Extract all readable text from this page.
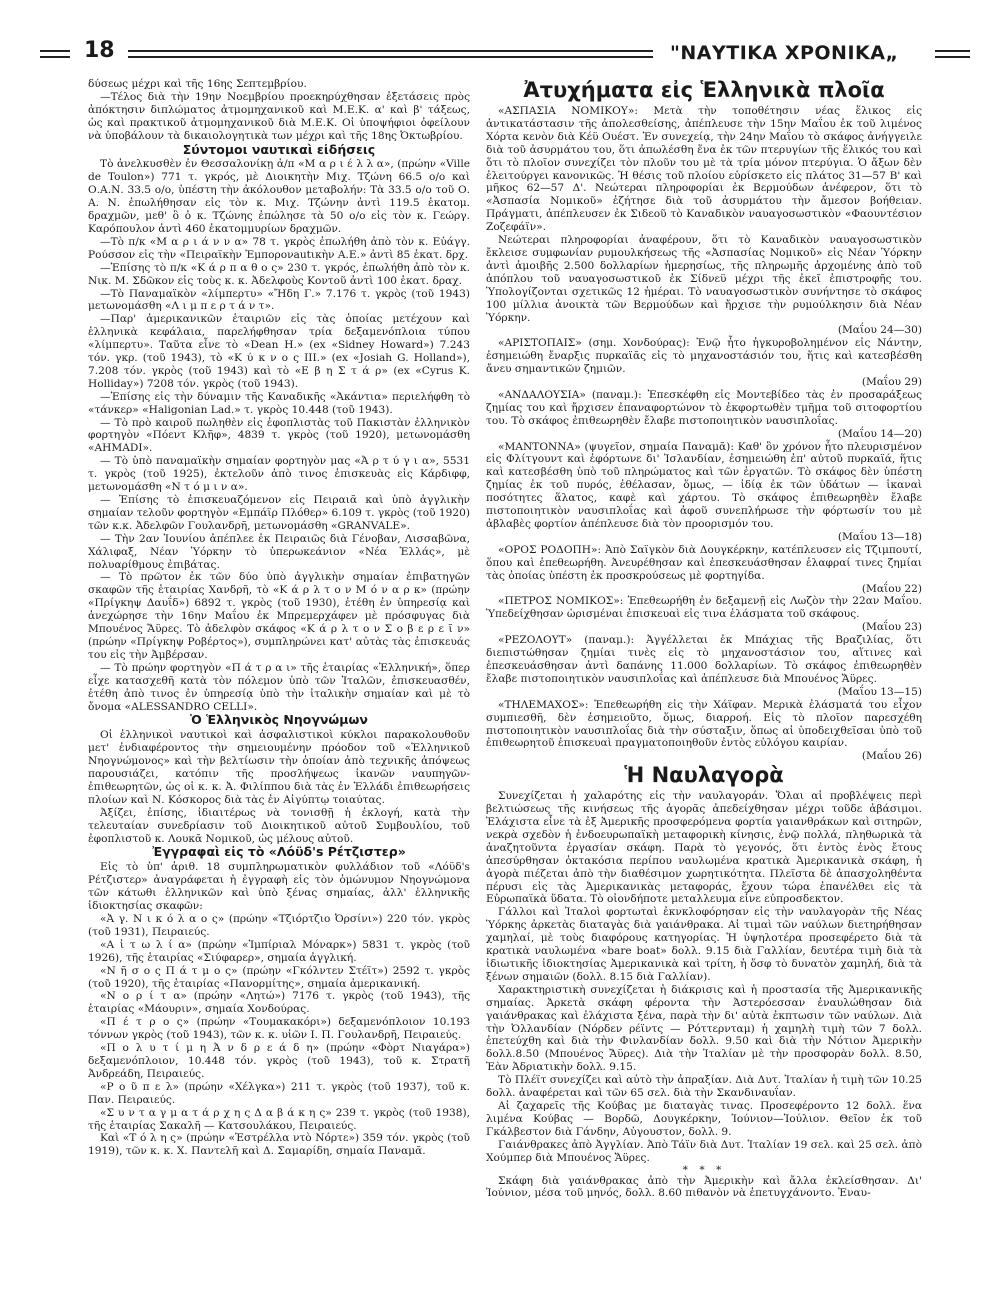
18	"ΝΑΥΤΙΚΑ ΧΡΟΝΙΚΑ„

δύσεως μέχρι καὶ τῆς 16ης Σεπτεμβρίου.

—Τέλος διὰ τὴν 19ην Νοεμβρίου προεκηρύχθησαν ἐξετάσεις πρὸς ἀπόκτησιν διπλώματος ἀτμομηχανικοῦ καὶ Μ.Ε.Κ. α' καὶ β' τάξεως, ὡς καὶ πρακτικοῦ ἀτμομηχανικοῦ διὰ Μ.Ε.Κ. Οἱ ὑποψήφιοι ὀφείλουν νὰ ὑποβάλουν τὰ δικαιολογητικὰ των μέχρι καὶ τῆς 18ης Ὀκτωβρίου.

Σύντομοι ναυτικαὶ εἰδήσεις

Τὸ ἀνελκυσθὲν ἐν Θεσσαλονίκῃ ἀ/π «Μ α ρ ι έ λ λ α», (πρώην «Ville de Toulon») 771 τ. γκρός, μὲ Διοικητὴν Μιχ. Τζώνη 66.5 ο/ο καὶ Ο.Α.Ν. 33.5 ο/ο, ὑπέστη τὴν ἀκόλουθον μεταβολήν: Τὰ 33.5 ο/ο τοῦ Ο. Α. Ν. ἐπωλήθησαν εἰς τὸν κ. Μιχ. Τζώνην ἀντὶ 119.5 ἑκατομ. δραχμῶν, μεθ' ὃ ὁ κ. Τζώνης ἐπώλησε τὰ 50 ο/ο εἰς τὸν κ. Γεώργ. Καρόπουλον ἀντὶ 460 ἑκατομμυρίων δραχμῶν.

—Τὸ π/κ «Μ α ρ ι ά ν ν α» 78 τ. γκρὸς ἐπωλήθη ἀπὸ τὸν κ. Εὐάγγ. Ρούσσον εἰς τὴν «Πειραϊκὴν Ἐμπορονautικὴν Α.Ε.» ἀντὶ 85 ἑκατ. δρχ.

—Ἐπίσης τὸ π/κ «Κ ά ρ π α θ ο ς» 230 τ. γκρός, ἐπωλήθη ἀπὸ τὸν κ. Νικ. Μ. Σδῶκον εἰς τοὺς κ. κ. Ἀδελφοὺς Κοντοῦ ἀντὶ 100 ἑκατ. δραχ.

—Τὸ Παναμαϊκὸν «λίμπερτυ» «Ἤδη Γ.» 7.176 τ. γκρὸς (τοῦ 1943) μετωνομάσθη «Λ ι μ π ε ρ τ ά ν τ».

—Παρ' ἀμερικανικῶν ἑταιριῶν εἰς τὰς ὁποίας μετέχουν καὶ ἑλληνικὰ κεφάλαια, παρελήφθησαν τρία δεξαμενόπλοια τύπου «λίμπερτυ». Ταῦτα εἶνε τὸ «Dean H.» (ex «Sidney Howard») 7.243 τόν. γκρ. (τοῦ 1943), τὸ «Κ ύ κ ν ο ς ΙΙΙ.» (ex «Josiah G. Holland»), 7.208 τόν. γκρὸς (τοῦ 1943) καὶ τὸ «Ε β η Σ τ ά ρ» (ex «Cyrus K. Holliday») 7208 τόν. γκρὸς (τοῦ 1943).

—Ἐπίσης εἰς τὴν δύναμιν τῆς Καναδικῆς «Ἀκάντια» περιελήφθη τὸ «τάνκερ» «Haligonian Lad.» τ. γκρὸς 10.448 (τοῦ 1943).

— Τὸ πρὸ καιροῦ πωληθὲν εἰς ἐφοπλιστὰς τοῦ Πακιστὰν ἑλληνικὸν φορτηγὸν «Πόεντ Κλῆφ», 4839 τ. γκρὸς (τοῦ 1920), μετωνομάσθη «AHMADI».

— Τὸ ὑπὸ παναμαϊκὴν σημαίαν φορτηγὸν μας «Ἀ ρ τ ύ γ ι α», 5531 τ. γκρὸς (τοῦ 1925), ἐκτελοῦν ἀπὸ τινος ἐπισκευὰς εἰς Κάρδιφφ, μετωνομάσθη «Ν τ ό μ ι ν α».

— Ἐπίσης τὸ ἐπισκευαζόμενον εἰς Πειραιᾶ καὶ ὑπὸ ἀγγλικὴν σημαίαν τελοῦν φορτηγὸν «Εμπάϊρ Πλόθερ» 6.109 τ. γκρὸς (τοῦ 1920) τῶν κ.κ. Ἀδελφῶν Γουλανδρῆ, μετωνομάσθη «GRANVALE».

— Τὴν 2αν Ἰουνίου ἀπέπλεε ἐκ Πειραιῶς διὰ Γένοβαν, Λισσαβῶνα, Χάλιφαξ, Νέαν Ὑόρκην τὸ ὑπερωκεάνιον «Νέα Ἑλλάς», μὲ πολυαρίθμους ἐπιβάτας.

— Τὸ πρῶτον ἐκ τῶν δύο ὑπὸ ἀγγλικὴν σημαίαν ἐπιβατηγῶν σκαφῶν τῆς ἑταιρίας Χανδρῆ, τὸ «Κ ά ρ λ τ ο ν Μ ό ν α ρ κ» (πρώην «Πρίγκηψ Δαυΐδ») 6892 τ. γκρὸς (τοῦ 1930), ἐτέθη ἐν ὑπηρεσίᾳ καὶ ἀνεχώρησε τὴν 16ην Μαΐου ἐκ Μπρεμερχάφεν μὲ πρόσφυγας διὰ Μπουένος Ἄϋρες. Τὸ ἀδελφὸν σκάφος «Κ ά ρ λ τ ο ν Σ ο β ε ρ ε ῖ ν» (πρώην «Πρίγκηψ Ροβέρτος»), συμπληρώνει κατ' αὐτὰς τὰς ἐπισκευάς του εἰς τὴν Ἀμβέρσαν.

— Τὸ πρώην φορτηγὸν «Π ά τ ρ α ι» τῆς ἑταιρίας «Ἑλληνική», ὅπερ εἶχε κατασχεθῆ κατὰ τὸν πόλεμον ὑπὸ τῶν Ἰταλῶν, ἐπισκευασθέν, ἐτέθη ἀπὸ τινος ἐν ὑπηρεσίᾳ ὑπὸ τὴν ἰταλικὴν σημαίαν καὶ μὲ τὸ ὄνομα «ALESSANDRO CELLI».

Ὁ Ἑλληνικὸς Νηογνώμων

Οἱ ἑλληνικοὶ ναυτικοὶ καὶ ἀσφαλιστικοὶ κύκλοι παρακολουθοῦν μετ' ἐνδιαφέροντος τὴν σημειουμένην πρόοδον τοῦ «Ἑλληνικοῦ Νηογνώμονος» καὶ τὴν βελτίωσιν τὴν ὁποίαν ἀπὸ τεχνικῆς ἀπόψεως παρουσιάζει, κατόπιν τῆς προσλήψεως ἱκανῶν ναυπηγῶν-ἐπιθεωρητῶν, ὡς οἱ κ. κ. Ἀ. Φιλίππου διὰ τὰς ἐν Ἑλλάδι ἐπιθεωρήσεις πλοίων καὶ Ν. Κόσκορος διὰ τὰς ἐν Αἰγύπτῳ τοιαύτας.

Ἀξίζει, ἐπίσης, ἰδιαιτέρως νὰ τονισθῇ ἡ ἐκλογή, κατὰ τὴν τελευταίαν συνεδρίασιν τοῦ Διοικητικοῦ αὐτοῦ Συμβουλίου, τοῦ ἐφοπλιστοῦ κ. Λουκᾶ Νομικοῦ, ὡς μέλους αὐτοῦ.

Ἐγγραφαὶ εἰς τὸ «Λόϋδ's Ρέτζιστερ»

Εἰς τὸ ὑπ' ἀριθ. 18 συμπληρωματικὸν φυλλάδιον τοῦ «Λόϋδ's Ρέτζιστερ» ἀναγράφεται ἡ ἐγγραφὴ εἰς τὸν ὁμώνυμον Νηογνώμονα τῶν κάτωθι ἑλληνικῶν καὶ ὑπὸ ξένας σημαίας, ἀλλ' ἑλληνικῆς ἰδιοκτησίας σκαφῶν:

«Ἀ γ. Ν ι κ ό λ α ο ς» (πρώην «Τζιόρτζιο Ὀρσίνι») 220 τόν. γκρὸς (τοῦ 1931), Πειραιεύς.

«Α ἰ τ ω λ ί α» (πρώην «Ἰμπίριαλ Μόναρκ») 5831 τ. γκρὸς (τοῦ 1926), τῆς ἑταιρίας «Σιύφαρερ», σημαία ἀγγλική.

«Ν ῆ σ ο ς Π ά τ μ ο ς» (πρώην «Γκόλντεν Στέϊτ») 2592 τ. γκρὸς (τοῦ 1920), τῆς ἑταιρίας «Πανορμίτης», σημαία ἀμερικανική.

«Ν ο ρ ί τ α» (πρώην «Λητώ») 7176 τ. γκρὸς (τοῦ 1943), τῆς ἑταιρίας «Μάουριν», σημαία Χονδούρας.

«Π έ τ ρ ο ς» (πρώην «Τουμακακόρι») δεξαμενόπλοιον 10.193 τόννων γκρὸς (τοῦ 1943), τῶν κ. κ. υἱῶν Ι. Π. Γουλανδρῆ, Πειραιεύς.

«Π ο λ υ τ ί μ η Ἀ ν δ ρ ε ά δ η» (πρώην «Φὸρτ Νιαγάρα») δεξαμενόπλοιον, 10.448 τόν. γκρὸς (τοῦ 1943), τοῦ κ. Στρατῆ Ἀνδρεάδη, Πειραιεύς.

«Ρ ο ῦ π ε λ» (πρώην «Χέλγκα») 211 τ. γκρὸς (τοῦ 1937), τοῦ κ. Παν. Πειραιεύς.

«Σ υ ν τ α γ μ α τ ά ρ χ η ς Δ α β ά κ η ς» 239 τ. γκρὸς (τοῦ 1938), τῆς ἑταιρίας Σακαλῆ — Κατσουλάκου, Πειραιεύς.

Καὶ «Τ ό λ η ς» (πρώην «Ἐστρέλλα ντὸ Νόρτε») 359 τόν. γκρὸς (τοῦ 1919), τῶν κ. κ. Χ. Παντελῆ καὶ Δ. Σαμαρίδη, σημαία Παναμᾶ.

Ἀτυχήματα εἰς Ἑλληνικὰ πλοῖα

«ΑΣΠΑΣΙΑ ΝΟΜΙΚΟΥ»: Μετὰ τὴν τοποθέτησιν νέας ἕλικος εἰς ἀντικατάστασιν τῆς ἀπολεσθείσης, ἀπέπλευσε τὴν 15ην Μαΐου ἐκ τοῦ λιμένος Χόρτα κενὸν διὰ Κέϋ Ουέστ. Ἐν συνεχείᾳ, τὴν 24ην Μαΐου τὸ σκάφος ἀνήγγειλε διὰ τοῦ ἀσυρμάτου του, ὅτι ἀπωλέσθη ἕνα ἐκ τῶν πτερυγίων τῆς ἕλικός του καὶ ὅτι τὸ πλοῖον συνεχίζει τὸν πλοῦν του μὲ τὰ τρία μόνον πτερύγια. Ὁ ἄξων δὲν ἐλειτούργει κανονικῶς. Ἡ θέσις τοῦ πλοίου εὑρίσκετο εἰς πλάτος 31—57 Β' καὶ μῆκος 62—57 Δ'. Νεώτεραι πληροφορίαι ἐκ Βερμούδων ἀνέφερον, ὅτι τὸ «Ἀσπασία Νομικοῦ» ἐζήτησε διὰ τοῦ ἀσυρμάτου τὴν ἄμεσον βοήθειαν. Πράγματι, ἀπέπλευσεν ἐκ Σιδεοῦ τὸ Καναδικὸν ναυαγοσωστικὸν «Φαουντέσιον Ζοζεφάϊν».

Νεώτεραι πληροφορίαι ἀναφέρουν, ὅτι τὸ Καναδικὸν ναυαγοσωστικὸν ἔκλεισε συμφωνίαν ρυμουλκήσεως τῆς «Ἀσπασίας Νομικοῦ» εἰς Νέαν Ὑόρκην ἀντὶ ἀμοιβῆς 2.500 δολλαρίων ἡμερησίως, τῆς πληρωμῆς ἀρχομένης ἀπὸ τοῦ ἀπόπλου τοῦ ναυαγοσωστικοῦ ἐκ Σίδνεϋ μέχρι τῆς ἐκεῖ ἐπιστροφῆς του. Ὑπολογίζονται σχετικῶς 12 ἡμέραι. Τὸ ναυαγοσωστικὸν συνήντησε τὸ σκάφος 100 μίλλια ἀνοικτὰ τῶν Βερμούδων καὶ ἤρχισε τὴν ρυμούλκησιν διὰ Νέαν Ὑόρκην.

(Μαΐου 24—30)

«ΑΡΙΣΤΟΠΑΙΣ» (σημ. Χονδούρας): Ἐνῷ ἦτο ἠγκυροβολημένον εἰς Νάντην, ἐσημειώθη ἔναρξις πυρκαϊᾶς εἰς τὸ μηχανοστάσιόν του, ἥτις καὶ κατεσβέσθη ἄνευ σημαντικῶν ζημιῶν.

(Μαΐου 29)

«ΑΝΔΑΛΟΥΣΙΑ» (παναμ.): Ἐπεσκέφθη εἰς Μοντεβίδεο τὰς ἐν προσαράξεως ζημίας του καὶ ἤρχισεν ἐπαναφορτώνον τὸ ἐκφορτωθὲν τμῆμα τοῦ σιτοφορτίου του. Τὸ σκάφος ἐπιθεωρηθὲν ἔλαβε πιστοποιητικὸν ναυσιπλοΐας.

(Μαΐου 14—20)

«ΜΑΝΤΟΝΝΑ» (ψυγεῖον, σημαία Παναμᾶ): Καθ' ὃν χρόνον ἦτο πλευρισμένον εἰς Φλίτγουντ καὶ ἐφόρτωνε δι' Ἰσλανδίαν, ἐσημειώθη ἐπ' αὐτοῦ πυρκαϊά, ἥτις καὶ κατεσβέσθη ὑπὸ τοῦ πληρώματος καὶ τῶν ἐργατῶν. Τὸ σκάφος δὲν ὑπέστη ζημίας ἐκ τοῦ πυρός, ἐθέλασαν, ὅμως, — ἰδίᾳ ἐκ τῶν ὑδάτων — ἱκαναὶ ποσότητες ἅλατος, καφὲ καὶ χάρτου. Τὸ σκάφος ἐπιθεωρηθὲν ἔλαβε πιστοποιητικὸν ναυσιπλοΐας καὶ ἀφοῦ συνεπλήρωσε τὴν φόρτωσίν του μὲ ἀβλαβὲς φορτίον ἀπέπλευσε διὰ τὸν προορισμόν του.

(Μαΐου 13—18)

«ΟΡΟΣ ΡΟΔΟΠΗ»: Ἀπὸ Σαϊγκὸν διὰ Δουγκέρκην, κατέπλευσεν εἰς Τζιμπουτί, ὅπου καὶ ἐπεθεωρήθη. Ἀνευρέθησαν καὶ ἐπεσκευάσθησαν ἐλαφραί τινες ζημίαι τὰς ὁποίας ὑπέστη ἐκ προσκρούσεως μὲ φορτηγίδα.

(Μαΐου 22)

«ΠΕΤΡΟΣ ΝΟΜΙΚΟΣ»: Ἐπεθεωρήθη ἐν δεξαμενῇ εἰς Λωζὸν τὴν 22αν Μαΐου. Ὑπεδείχθησαν ὡρισμέναι ἐπισκευαὶ εἰς τινα ἐλάσματα τοῦ σκάφους.

(Μαΐου 23)

«ΡΕΖΟΛΟΥΤ» (παναμ.): Ἀγγέλλεται ἐκ Μπάχιας τῆς Βραζιλίας, ὅτι διεπιστώθησαν ζημίαι τινὲς εἰς τὸ μηχανοστάσιον του, αἵτινες καὶ ἐπεσκευάσθησαν ἀντὶ δαπάνης 11.000 δολλαρίων. Τὸ σκάφος ἐπιθεωρηθὲν ἔλαβε πιστοποιητικὸν ναυσιπλοΐας καὶ ἀπέπλευσε διὰ Μπουένος Ἄϋρες.

(Μαΐου 13—15)

«ΤΗΛΕΜΑΧΟΣ»: Ἐπεθεωρήθη εἰς τὴν Χάϊφαν. Μερικὰ ἐλάσματά του εἶχον συμπιεσθῆ, δὲν ἐσημειοῦτο, ὅμως, διαρροή. Εἰς τὸ πλοῖον παρεσχέθη πιστοποιητικὸν ναυσιπλοΐας διὰ τὴν σύσταξιν, ὅπως αἱ ὑποδειχθεῖσαι ὑπὸ τοῦ ἐπιθεωρητοῦ ἐπισκευαὶ πραγματοποιηθοῦν ἐντὸς εὐλόγου καιρίαν.

(Μαΐου 26)

Ἡ Ναυλαγορὰ

Συνεχίζεται ἡ χαλαρότης εἰς τὴν ναυλαγοράν. Ὅλαι αἱ προβλέψεις περὶ βελτιώσεως τῆς κινήσεως τῆς ἀγορᾶς ἀπεδείχθησαν μέχρι τοῦδε ἀβάσιμοι. Ἐλάχιστα εἶνε τὰ ἐξ Ἀμερικῆς προσφερόμενα φορτία γαιανθράκων καὶ σιτηρῶν, νεκρὰ σχεδὸν ἡ ἐνδοευρωπαϊκὴ μεταφορικὴ κίνησις, ἐνῷ πολλά, πληθωρικὰ τὰ ἀναζητοῦντα ἐργασίαν σκάφη. Παρὰ τὸ γεγονός, ὅτι ἐντὸς ἑνὸς ἔτους ἀπεσύρθησαν ὀκτακόσια περίπου ναυλωμένα κρατικὰ Ἀμερικανικὰ σκάφη, ἡ ἀγορὰ πιέζεται ἀπὸ τὴν διαθέσιμον χωρητικότητα. Πλεῖστα δὲ ἀπασχοληθέντα πέρυσι εἰς τὰς Ἀμερικανικὰς μεταφοράς, ἔχουν τώρα ἐπανέλθει εἰς τὰ Εὐρωπαϊκὰ ὕδατα. Τὸ οἰονδήποτε μεταλλευμα εἶνε εὐπροσδεκτον.

Γάλλοι καὶ Ἰταλοὶ φορτωταὶ ἐκνκλοφόρησαν εἰς τὴν ναυλαγορὰν τῆς Νέας Ὑόρκης ἀρκετὰς διαταγὰς διὰ γαιάνθρακα. Αἱ τιμαὶ τῶν ναύλων διετηρήθησαν χαμηλαί, μὲ τοὺς διαφόρους κατηγορίας. Ἡ ὑψηλοτέρα προσεφέρετο διὰ τὰ κρατικὰ ναυλωμένα «bare boat» δολλ. 9.15 διὰ Γαλλίαν, δευτέρα τιμὴ διὰ τὰ ἰδιωτικῆς ἰδιοκτησίας Ἀμερικανικὰ καὶ τρίτη, ἡ ὅσφ τὸ δυνατὸν χαμηλή, διὰ τὰ ξένων σημαιῶν (δολλ. 8.15 διὰ Γαλλίαν).

Χαρακτηριστικὴ συνεχίζεται ἡ διάκρισις καὶ ἡ προστασία τῆς Ἀμερικανικῆς σημαίας. Ἀρκετὰ σκάφη φέροντα τὴν Ἀστερόεσσαν ἐναυλώθησαν διὰ γαιάνθρακας καὶ ἐλάχιστα ξένα, παρὰ τὴν δι' αὐτὰ ἐκπτωσιν τῶν ναύλων. Διὰ τὴν Ὀλλανδίαν (Νόρδεν ρέϊντς — Ρόττερνταμ) ἡ χαμηλὴ τιμὴ τῶν 7 δολλ. ἐπετεύχθη καὶ διὰ τὴν Φινλανδίαν δολλ. 9.50 καὶ διὰ τὴν Νότιον Ἀμερικὴν δολλ.8.50 (Μπουένος Ἄϋρες). Διὰ τὴν Ἰταλίαν μὲ τὴν προσφορὰν δολλ. 8.50, Ἐὰν Ἀδριατικὴν δολλ. 9.15.

Τὸ Πλέϊτ συνεχίζει καὶ αὐτὸ τὴν ἀπραξίαν. Διὰ Δυτ. Ἰταλίαν ἡ τιμὴ τῶν 10.25 δολλ. ἀναφέρεται καὶ τῶν 65 σελ. διὰ τὴν Σκανδιναυΐαν.

Αἱ ζαχαρεῖς τῆς Κούβας με διαταγὰς τινας. Προσεφέροντο 12 δολλ. ἕνα λιμένα Κούβας — Βορδῶ, Δουγκέρκην, Ἰούνιον—Ἰούλιον. Θεῖον ἐκ τοῦ Γκάλβεστον διὰ Γάνδην, Αὐγουστον, δολλ. 9.

Γαιάνθρακες ἀπὸ Ἀγγλίαν. Ἀπὸ Τάϊν διὰ Δυτ. Ἰταλίαν 19 σελ. καὶ 25 σελ. ἀπὸ Χούμπερ διὰ Μπουένος Ἄϋρες.

* * *

Σκάφη διὰ γαιάνθρακας ἀπὸ τὴν Ἀμερικὴν καὶ ἄλλα ἐκλείσθησαν. Δι' Ἰούνιον, μέσα τοῦ μηνός, δολλ. 8.60 πιθανὸν νὰ ἐπετυγχάνοντο. Ἐναυ-
